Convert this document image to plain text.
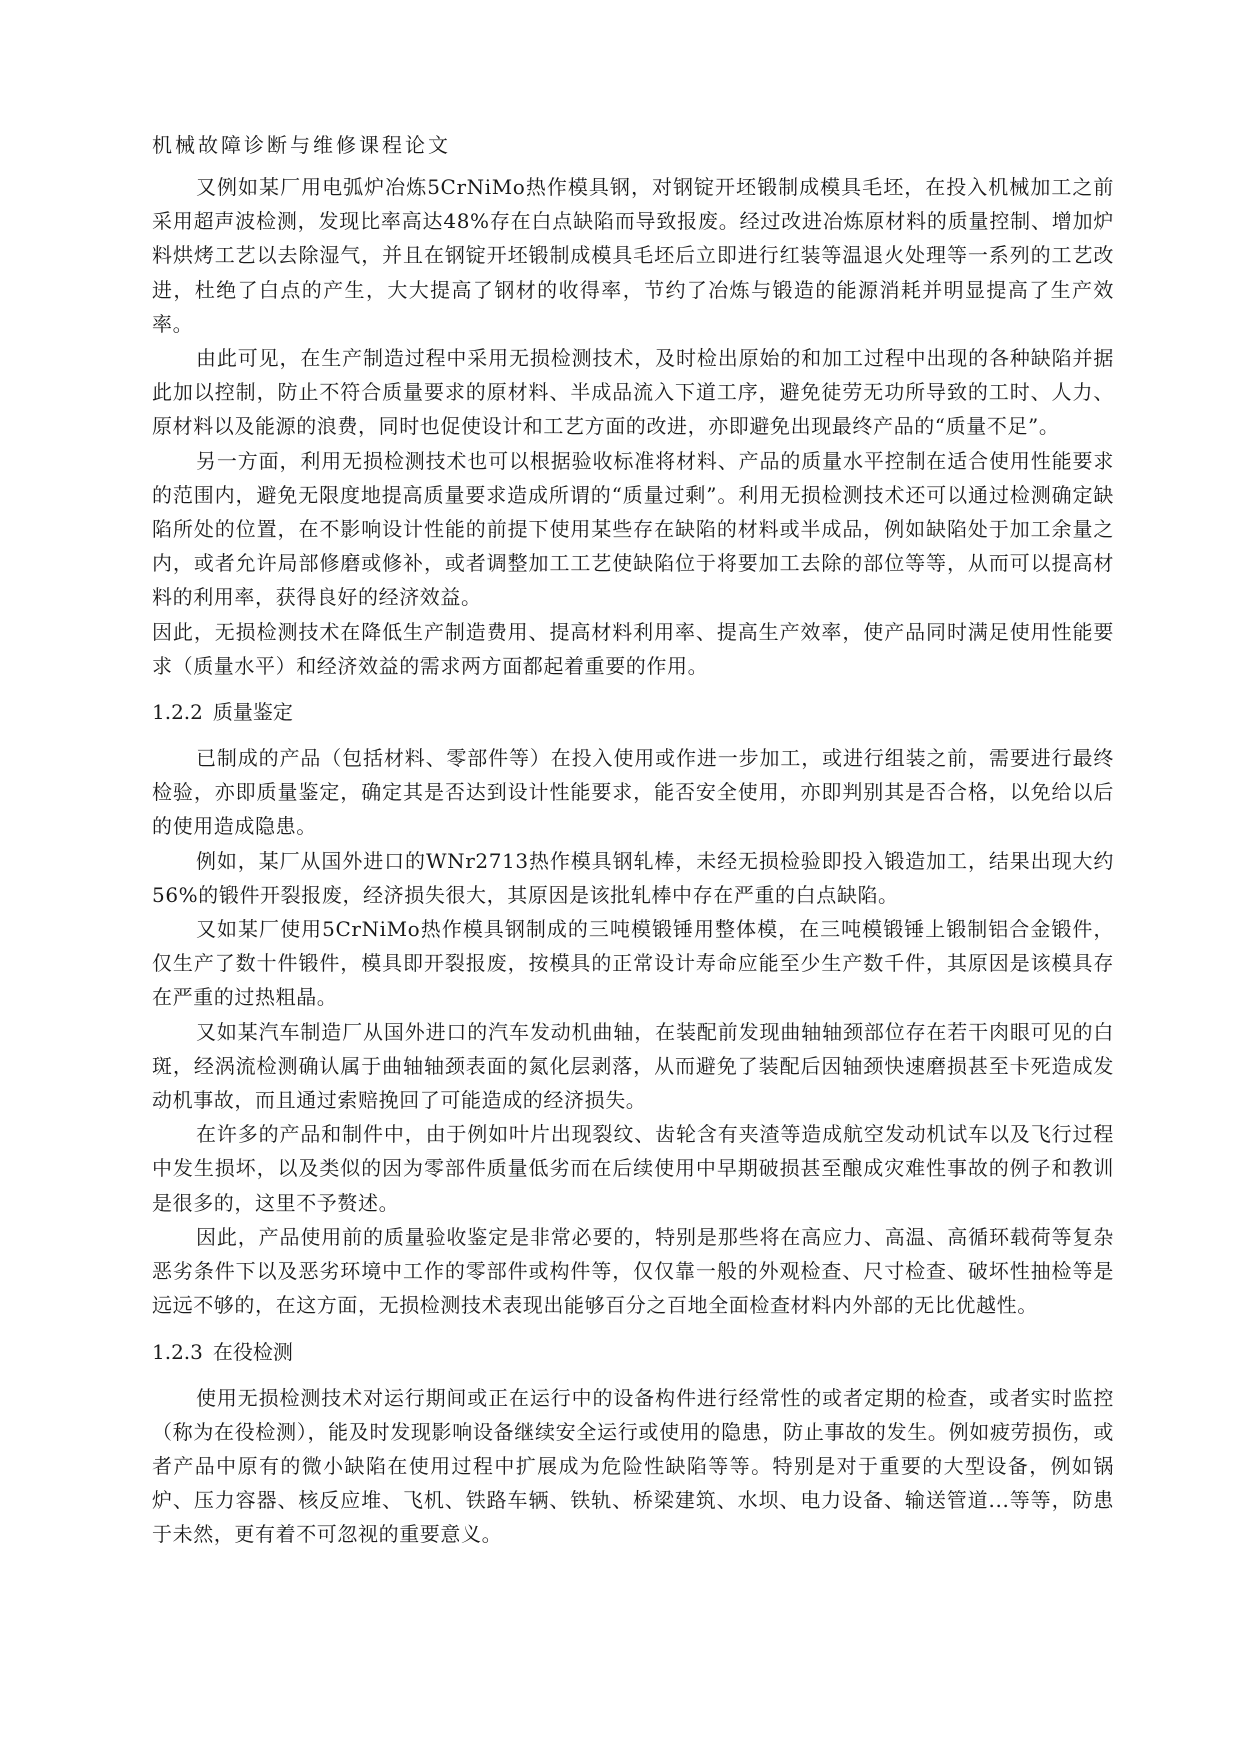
机械故障诊断与维修课程论文

又例如某厂用电弧炉冶炼5CrNiMo热作模具钢，对钢锭开坯锻制成模具毛坯，在投入机械加工之前采用超声波检测，发现比率高达48%存在白点缺陷而导致报废。经过改进冶炼原材料的质量控制、增加炉料烘烤工艺以去除湿气，并且在钢锭开坯锻制成模具毛坯后立即进行红装等温退火处理等一系列的工艺改进，杜绝了白点的产生，大大提高了钢材的收得率，节约了冶炼与锻造的能源消耗并明显提高了生产效率。

由此可见，在生产制造过程中采用无损检测技术，及时检出原始的和加工过程中出现的各种缺陷并据此加以控制，防止不符合质量要求的原材料、半成品流入下道工序，避免徒劳无功所导致的工时、人力、原材料以及能源的浪费，同时也促使设计和工艺方面的改进，亦即避免出现最终产品的“质量不足”。

另一方面，利用无损检测技术也可以根据验收标准将材料、产品的质量水平控制在适合使用性能要求的范围内，避免无限度地提高质量要求造成所谓的“质量过剩”。利用无损检测技术还可以通过检测确定缺陷所处的位置，在不影响设计性能的前提下使用某些存在缺陷的材料或半成品，例如缺陷处于加工余量之内，或者允许局部修磨或修补，或者调整加工工艺使缺陷位于将要加工去除的部位等等，从而可以提高材料的利用率，获得良好的经济效益。

因此，无损检测技术在降低生产制造费用、提高材料利用率、提高生产效率，使产品同时满足使用性能要求（质量水平）和经济效益的需求两方面都起着重要的作用。

1.2.2 质量鉴定

已制成的产品（包括材料、零部件等）在投入使用或作进一步加工，或进行组装之前，需要进行最终检验，亦即质量鉴定，确定其是否达到设计性能要求，能否安全使用，亦即判别其是否合格，以免给以后的使用造成隐患。

例如，某厂从国外进口的WNr2713热作模具钢轧棒，未经无损检验即投入锻造加工，结果出现大约56%的锻件开裂报废，经济损失很大，其原因是该批轧棒中存在严重的白点缺陷。

又如某厂使用5CrNiMo热作模具钢制成的三吨模锻锤用整体模，在三吨模锻锤上锻制铝合金锻件，仅生产了数十件锻件，模具即开裂报废，按模具的正常设计寿命应能至少生产数千件，其原因是该模具存在严重的过热粗晶。

又如某汽车制造厂从国外进口的汽车发动机曲轴，在装配前发现曲轴轴颈部位存在若干肉眼可见的白斑，经涡流检测确认属于曲轴轴颈表面的氮化层剥落，从而避免了装配后因轴颈快速磨损甚至卡死造成发动机事故，而且通过索赔挽回了可能造成的经济损失。

在许多的产品和制件中，由于例如叶片出现裂纹、齿轮含有夹渣等造成航空发动机试车以及飞行过程中发生损坏，以及类似的因为零部件质量低劣而在后续使用中早期破损甚至酿成灾难性事故的例子和教训是很多的，这里不予赘述。

因此，产品使用前的质量验收鉴定是非常必要的，特别是那些将在高应力、高温、高循环载荷等复杂恶劣条件下以及恶劣环境中工作的零部件或构件等，仅仅靠一般的外观检查、尺寸检查、破坏性抽检等是远远不够的，在这方面，无损检测技术表现出能够百分之百地全面检查材料内外部的无比优越性。

1.2.3 在役检测

使用无损检测技术对运行期间或正在运行中的设备构件进行经常性的或者定期的检查，或者实时监控（称为在役检测），能及时发现影响设备继续安全运行或使用的隐患，防止事故的发生。例如疲劳损伤，或者产品中原有的微小缺陷在使用过程中扩展成为危险性缺陷等等。特别是对于重要的大型设备，例如锅炉、压力容器、核反应堆、飞机、铁路车辆、铁轨、桥梁建筑、水坝、电力设备、输送管道...等等，防患于未然，更有着不可忽视的重要意义。
